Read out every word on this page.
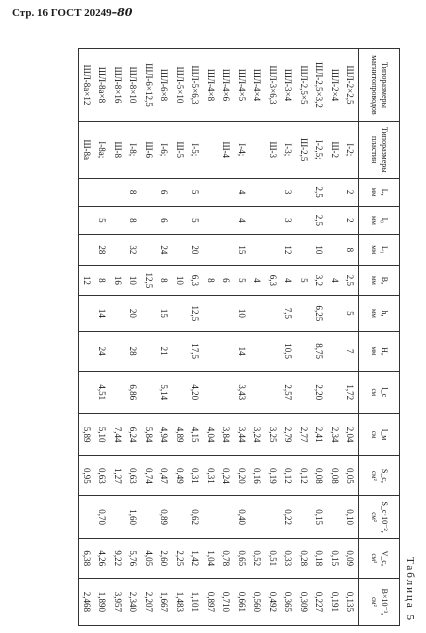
Стр. 16 ГОСТ 20249–80
Таблица 5
Типоразмеры магнитопроводов	Типоразмеры пластин	L,
мм	l₀
мм	L₁
мм	B,
мм	h,
мм	H,
мм	l_c
см	l_м
см	S_c,
см²	S_c·10⁻²,
см²	V_c,
см³	B×10⁻³,
см²

ШЛ-2×2,5	I-2;	2	2	8	2,5	5	7	1,72	2,04	0,05	0,10	0,09	0,135
ШЛ-2×4	Ш-2				4				2,34	0,08		0,15	0,191
ШЛ-2,5×3,2	I-2,5;	2,5	2,5	10	3,2	6,25	8,75	2,20	2,41	0,08	0,15	0,18	0,227
ШЛ-2,5×5	Ш-2,5				5				2,77	0,12		0,28	0,309
ШЛ-3×4	I-3;	3	3	12	4	7,5	10,5	2,57	2,79	0,12	0,22	0,33	0,365
ШЛ-3×6,3	Ш-3				6,3				3,25	0,19		0,51	0,492
ШЛ-4×4					4				3,24	0,16		0,52	0,560
ШЛ-4×5	I-4;	4	4	15	5	10	14	3,43	3,44	0,20	0,40	0,65	0,661
ШЛ-4×6	Ш-4				6				3,84	0,24		0,78	0,710
ШЛ-4×8					8				4,04	0,31		1,04	0,897
ШЛ-5×6,3	I-5;	5	5	20	6,3	12,5	17,5	4,20	4,15	0,31	0,62	1,42	1,101
ШЛ-5×10	Ш-5				10				4,89	0,49		2,25	1,483
ШЛ-6×8	I-6;	6	6	24	8	15	21	5,14	4,94	0,47	0,89	2,60	1,667
ШЛ-6×12,5	Ш-6				12,5				5,84	0,74		4,05	2,207
ШЛ-8×10	I-8;	8	8	32	10	20	28	6,86	6,24	0,63	1,60	5,76	2,340
ШЛ-8×16	Ш-8				16				7,44	1,27		9,22	3,957
ШЛ-8а×8	I-8а;		5	28	8	14	24	4,51	5,10	0,63	0,70	4,26	1,890
ШЛ-8а×12	Ш-8а				12				5,89	0,95		6,38	2,468
